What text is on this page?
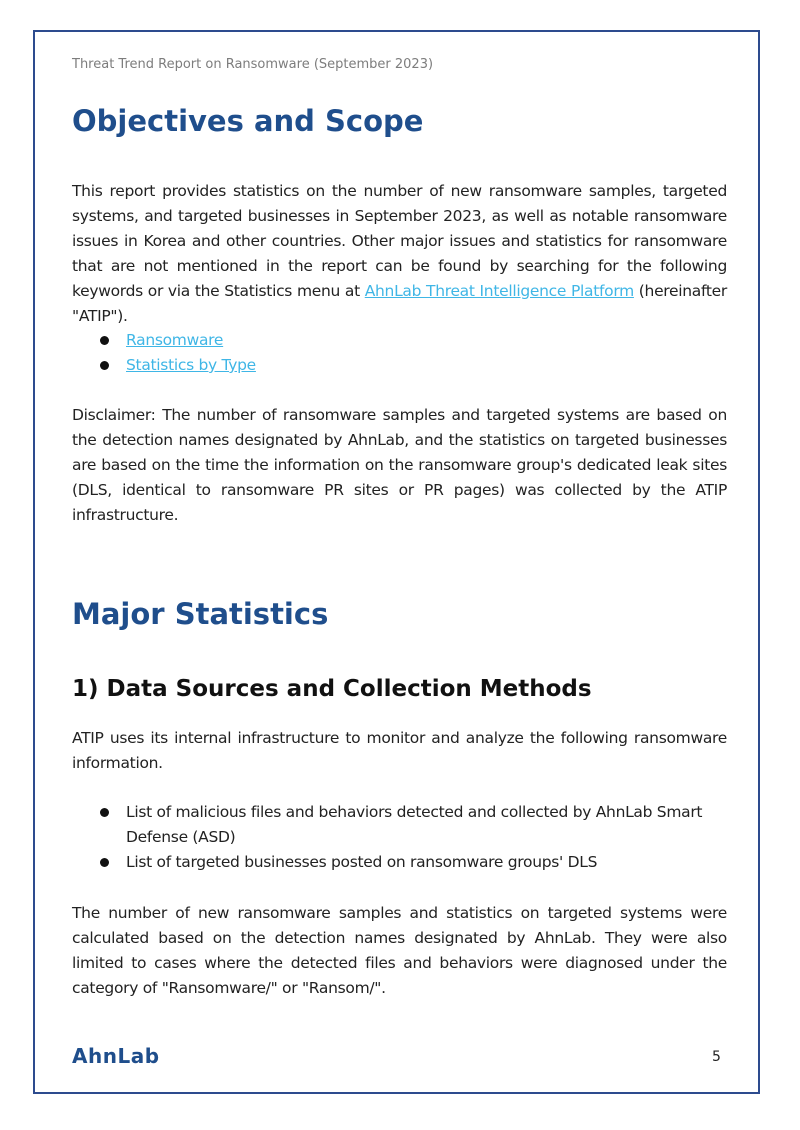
Threat Trend Report on Ransomware (September 2023)
Objectives and Scope

This report provides statistics on the number of new ransomware samples, targeted systems, and targeted businesses in September 2023, as well as notable ransomware issues in Korea and other countries. Other major issues and statistics for ransomware that are not mentioned in the report can be found by searching for the following keywords or via the Statistics menu at AhnLab Threat Intelligence Platform (hereinafter "ATIP").

Ransomware
Statistics by Type

Disclaimer: The number of ransomware samples and targeted systems are based on the detection names designated by AhnLab, and the statistics on targeted businesses are based on the time the information on the ransomware group's dedicated leak sites (DLS, identical to ransomware PR sites or PR pages) was collected by the ATIP infrastructure.

Major Statistics
1) Data Sources and Collection Methods

ATIP uses its internal infrastructure to monitor and analyze the following ransomware information.

List of malicious files and behaviors detected and collected by AhnLab Smart Defense (ASD)
List of targeted businesses posted on ransomware groups' DLS

The number of new ransomware samples and statistics on targeted systems were calculated based on the detection names designated by AhnLab. They were also limited to cases where the detected files and behaviors were diagnosed under the category of "Ransomware/" or "Ransom/".

AhnLab	5
